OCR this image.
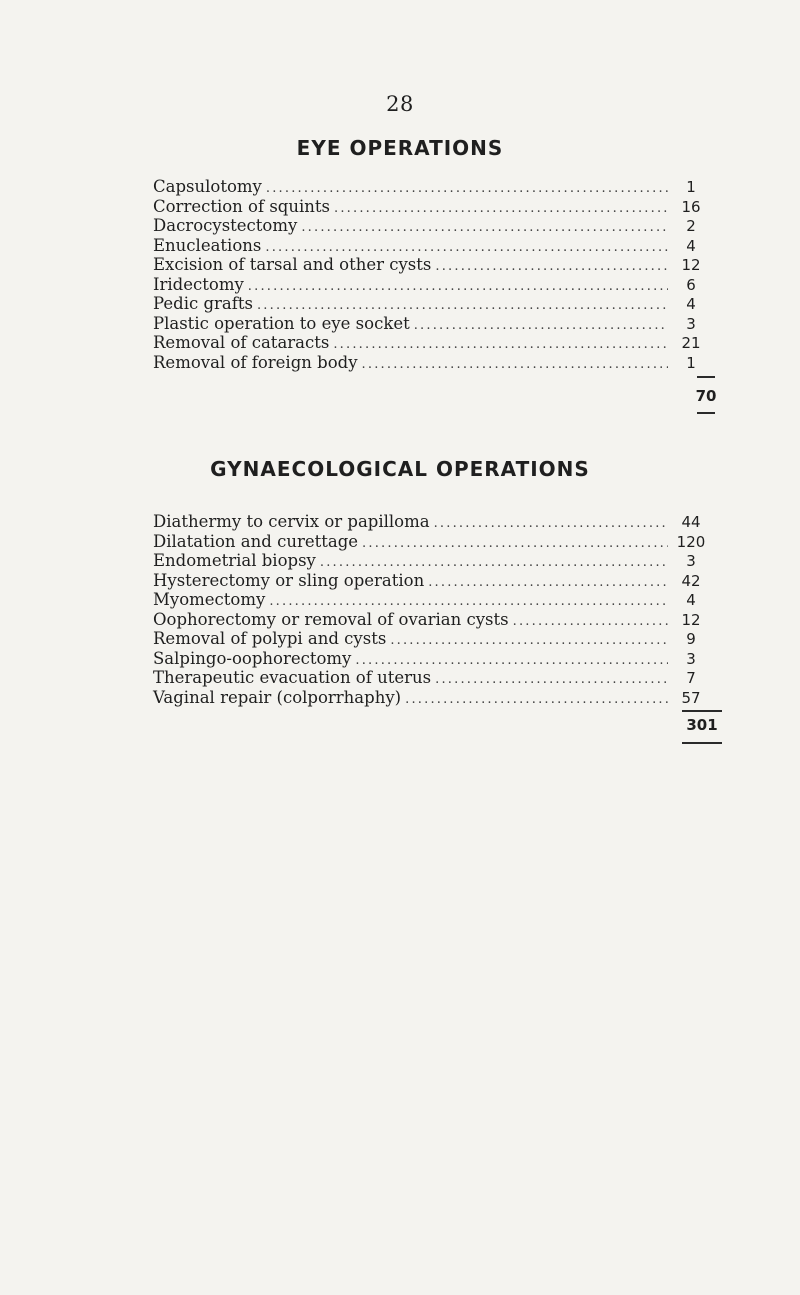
28
EYE OPERATIONS
Capsulotomy .....	1
Correction of squints .....	16
Dacrocystectomy .....	2
Enucleations .....	4
Excision of tarsal and other cysts .....	12
Iridectomy .....	6
Pedic grafts .....	4
Plastic operation to eye socket .....	3
Removal of cataracts .....	21
Removal of foreign body .....	1
70
GYNAECOLOGICAL OPERATIONS
Diathermy to cervix or papilloma .....	44
Dilatation and curettage .....	120
Endometrial biopsy .....	3
Hysterectomy or sling operation .....	42
Myomectomy .....	4
Oophorectomy or removal of ovarian cysts .....	12
Removal of polypi and cysts .....	9
Salpingo-oophorectomy .....	3
Therapeutic evacuation of uterus .....	7
Vaginal repair (colporrhaphy) .....	57
301
